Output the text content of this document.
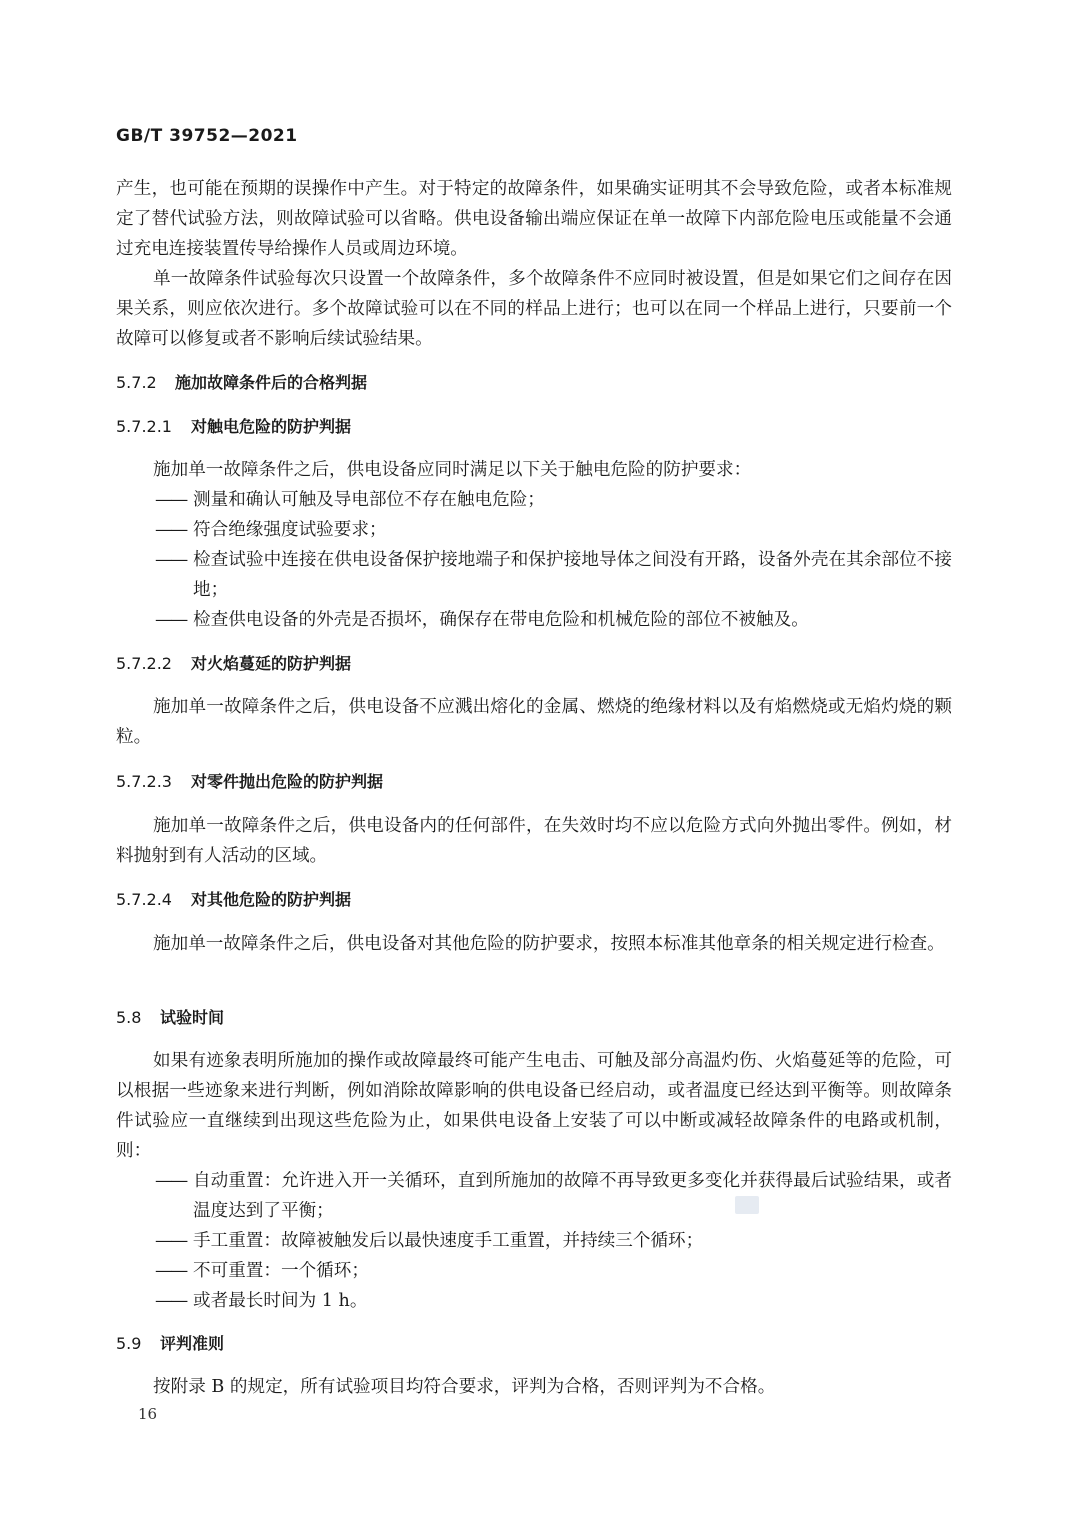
GB/T 39752—2021

产生，也可能在预期的误操作中产生。对于特定的故障条件，如果确实证明其不会导致危险，或者本标准规定了替代试验方法，则故障试验可以省略。供电设备输出端应保证在单一故障下内部危险电压或能量不会通过充电连接装置传导给操作人员或周边环境。

单一故障条件试验每次只设置一个故障条件，多个故障条件不应同时被设置，但是如果它们之间存在因果关系，则应依次进行。多个故障试验可以在不同的样品上进行；也可以在同一个样品上进行，只要前一个故障可以修复或者不影响后续试验结果。

5.7.2 施加故障条件后的合格判据
5.7.2.1 对触电危险的防护判据

施加单一故障条件之后，供电设备应同时满足以下关于触电危险的防护要求：

—— 测量和确认可触及导电部位不存在触电危险；
—— 符合绝缘强度试验要求；
—— 检查试验中连接在供电设备保护接地端子和保护接地导体之间没有开路，设备外壳在其余部位不接地；
—— 检查供电设备的外壳是否损坏，确保存在带电危险和机械危险的部位不被触及。
5.7.2.2 对火焰蔓延的防护判据

施加单一故障条件之后，供电设备不应溅出熔化的金属、燃烧的绝缘材料以及有焰燃烧或无焰灼烧的颗粒。

5.7.2.3 对零件抛出危险的防护判据

施加单一故障条件之后，供电设备内的任何部件，在失效时均不应以危险方式向外抛出零件。例如，材料抛射到有人活动的区域。

5.7.2.4 对其他危险的防护判据

施加单一故障条件之后，供电设备对其他危险的防护要求，按照本标准其他章条的相关规定进行检查。

5.8 试验时间

如果有迹象表明所施加的操作或故障最终可能产生电击、可触及部分高温灼伤、火焰蔓延等的危险，可以根据一些迹象来进行判断，例如消除故障影响的供电设备已经启动，或者温度已经达到平衡等。则故障条件试验应一直继续到出现这些危险为止，如果供电设备上安装了可以中断或减轻故障条件的电路或机制，则：

—— 自动重置：允许进入开一关循环，直到所施加的故障不再导致更多变化并获得最后试验结果，或者温度达到了平衡；
—— 手工重置：故障被触发后以最快速度手工重置，并持续三个循环；
—— 不可重置：一个循环；
—— 或者最长时间为 1 h。
5.9 评判准则

按附录 B 的规定，所有试验项目均符合要求，评判为合格，否则评判为不合格。

16
